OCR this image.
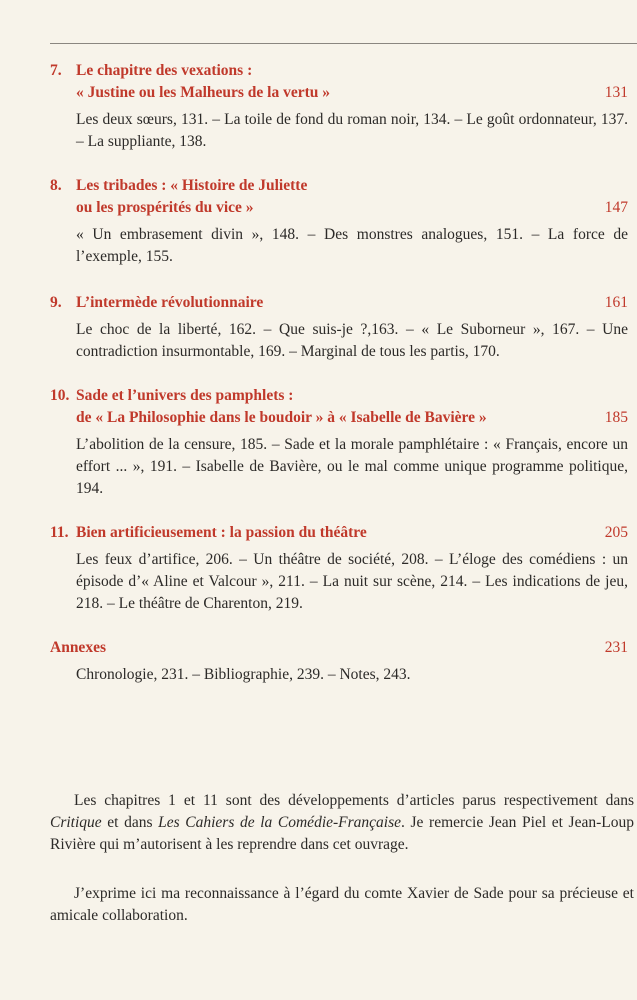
7. Le chapitre des vexations :
« Justine ou les Malheurs de la vertu »	131
Les deux sœurs, 131. – La toile de fond du roman noir, 134. – Le goût ordonnateur, 137. – La suppliante, 138.
8. Les tribades : « Histoire de Juliette
ou les prospérités du vice »	147
« Un embrasement divin », 148. – Des monstres analogues, 151. – La force de l’exemple, 155.
9. L’intermède révolutionnaire	161
Le choc de la liberté, 162. – Que suis-je ?,163. – « Le Suborneur », 167. – Une contradiction insurmontable, 169. – Marginal de tous les partis, 170.
10. Sade et l’univers des pamphlets :
de « La Philosophie dans le boudoir » à « Isabelle de Bavière »	185
L’abolition de la censure, 185. – Sade et la morale pamphlétaire : « Français, encore un effort ... », 191. – Isabelle de Bavière, ou le mal comme unique programme politique, 194.
11. Bien artificieusement : la passion du théâtre	205
Les feux d’artifice, 206. – Un théâtre de société, 208. – L’éloge des comédiens : un épisode d’« Aline et Valcour », 211. – La nuit sur scène, 214. – Les indications de jeu, 218. – Le théâtre de Charenton, 219.
Annexes	231
Chronologie, 231. – Bibliographie, 239. – Notes, 243.

Les chapitres 1 et 11 sont des développements d’articles parus respectivement dans Critique et dans Les Cahiers de la Comédie-Française. Je remercie Jean Piel et Jean-Loup Rivière qui m’autorisent à les reprendre dans cet ouvrage.

J’exprime ici ma reconnaissance à l’égard du comte Xavier de Sade pour sa précieuse et amicale collaboration.
